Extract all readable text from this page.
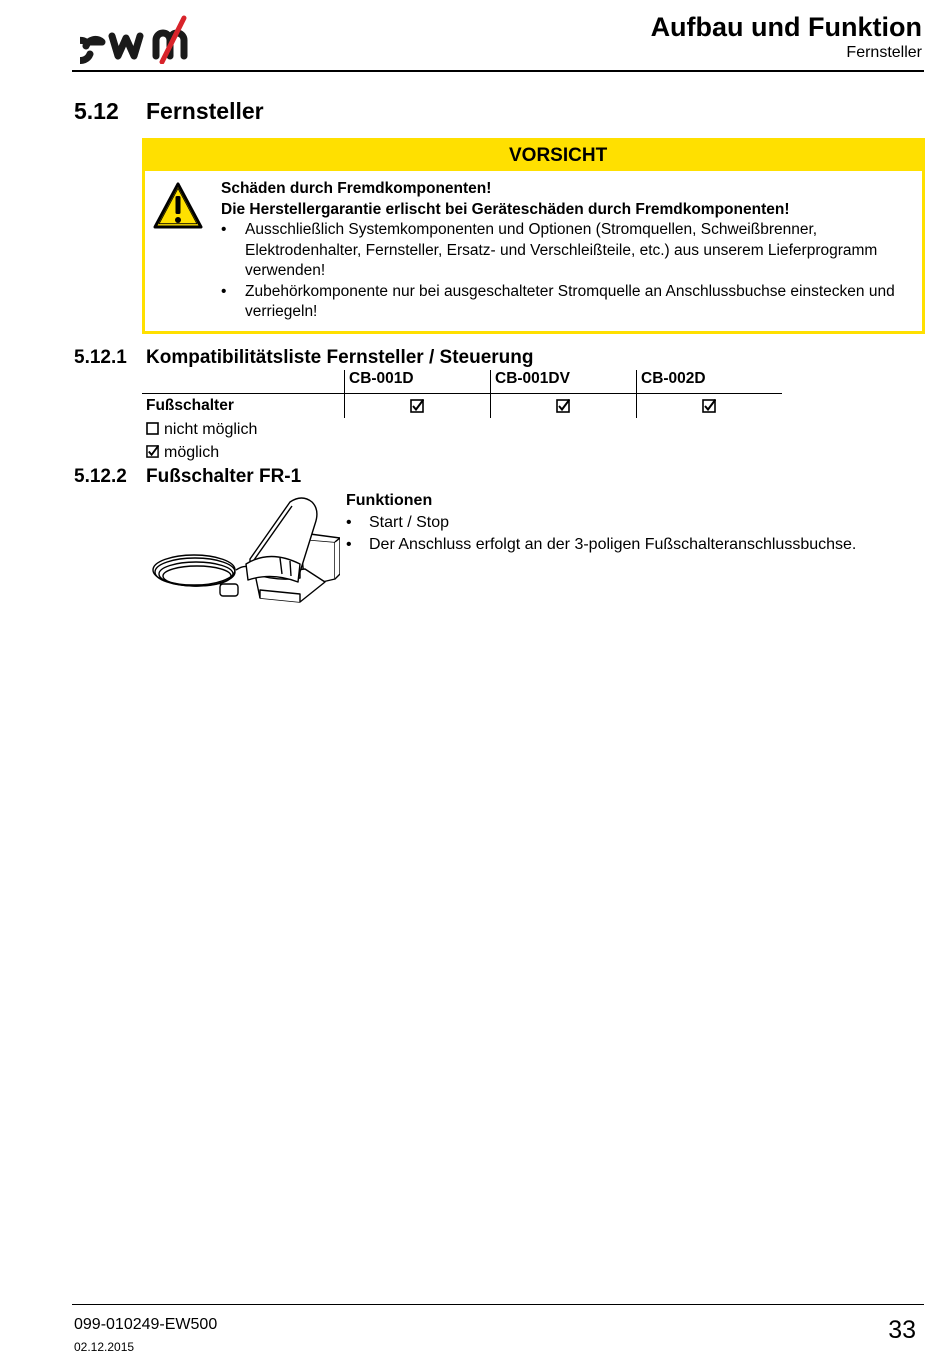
Aufbau und Funktion
Fernsteller
5.12 Fernsteller
VORSICHT
Schäden durch Fremdkomponenten!
Die Herstellergarantie erlischt bei Geräteschäden durch Fremdkomponenten!
• Ausschließlich Systemkomponenten und Optionen (Stromquellen, Schweißbrenner, Elektrodenhalter, Fernsteller, Ersatz- und Verschleißteile, etc.) aus unserem Lieferprogramm verwenden!
• Zubehörkomponente nur bei ausgeschalteter Stromquelle an Anschlussbuchse einstecken und verriegeln!
5.12.1 Kompatibilitätsliste Fernsteller / Steuerung
CB-001D	CB-001DV	CB-002D
Fußschalter
nicht möglich
möglich
5.12.2 Fußschalter FR-1
Funktionen
• Start / Stop
• Der Anschluss erfolgt an der 3-poligen Fußschalteranschlussbuchse.
099-010249-EW500
02.12.2015
33
